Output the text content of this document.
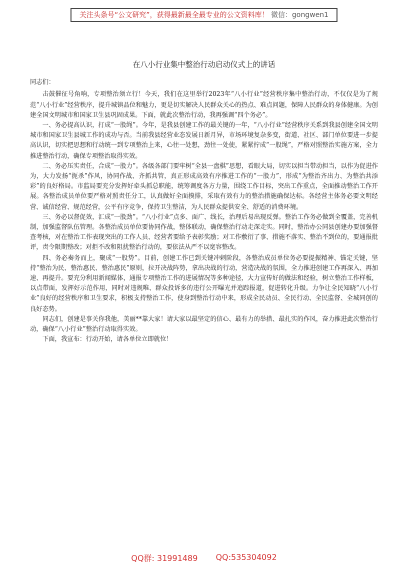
关注头条号“公文研究”，获得最新最全最专业的公文资料库！ 微信：gongwen1
在八小行业集中整治行动启动仪式上的讲话

同志们：

击鼓催征号角响，专项整治须立行！今天，我们在这里举行2023年“八小行业”经营秩序集中整治行动，不仅仅是为了规范“八小行业”经营秩序，提升城镇品位和魅力，更是切实解决人民群众关心的热点、难点问题，保障人民群众的身体健康。为创建全国文明城市和国家卫生县巩固成果。下面，就此次整治行动，我再强调“四个务必”。

一、务必提高认识，打成“一股绳”。今年，是我县创建工作的最关键的一年，“八小行业”经营秩序关系到我县创建全国文明城市和国家卫生县城工作的成功与否。当前我县经营业态发展日新月异，市场环境复杂多变，街道、社区、部门单位要进一步提高认识，切实把思想和行动统一到专项整治上来，心往一处想，劲往一处使，紧紧拧成“一股绳”，严格对照整治实施方案，全力推进整治行动，确保专项整治取得实效。

二、务必压实责任，合成“一股力”。各级各部门要牢树“全县一盘棋”思想，看眼大局，切实以担当带动担当，以作为促进作为，大力发扬“扼杀”作风，协同作战、齐抓共管，真正形成高效有序推进工作的“一股力”，形成“为整治齐出力、为整治共添彩”的良好格局。市监局要充分发挥好牵头抓总职能，统筹调度各方力量，围绕工作目标，突出工作重点，全面推动整治工作开展。各整治成员单位要严格对照责任分工，认真做好全面摸排，采取有效有力的整治措施确保达标。各经营主体务必要文明经营、诚信经营、规范经营，公平有序竞争，保持卫生整洁，为人民群众提供安全、舒适的消费环境。

三、务必以督促效，汇成“一股劲”。“八小行业”点多、面广、线长，治理后易出现反弹。整治工作务必做到全覆盖，完善机制，加强监督队伍管理。各整治成员单位要协同作战，整体联动，确保整治行动走深走实。同时，整治办公同县创建办要加强督查考核，对在整治工作表现突出的工作人员、经营者要给予表彰奖励；对工作敷衍了事、措施不落实、整治不到位的，要通报批评，责令限期整改；对拒不改和阻扰整治行动的，要依法从严不以宽容整改。

四、务必奏务而上，聚成“一股势”。目前，创建工作已到关键冲刺阶段，各整治成员单位务必要提振精神、锚定关键，坚持“整治为民、整治惠民、整治惠民”原则，拉开决战阵势，拿出决战的行动，营造决战的氛围，全力推进创建工作再深入、再加速、再提升。要充分利用新闻媒体，通报专项整治工作的进展情况等多种途径，大力宣传好的做法和经验，树立整治工作样板，以点带面，发挥好示范作用，同时对违规唯、群众投诉多的违行公开曝光并追踪报道，促进转化升级。力争让全民知晓“八小行业”良好的经营秩序和卫生要求，积极支持整治工作，使身到整治行动中来，形成全民动员、全民行动、全民监督、全城同创的良好态势。

同志们，创建是事关你我他，美丽**靠大家！请大家以最坚定的信心、最有力的举措、最扎实的作风，奋力推进此次整治行动，确保“八小行业”整治行动取得实效。

下面，我宣布：行动开始，请各单位立即就位！

QQ群: 31991489 QQ:535304092
